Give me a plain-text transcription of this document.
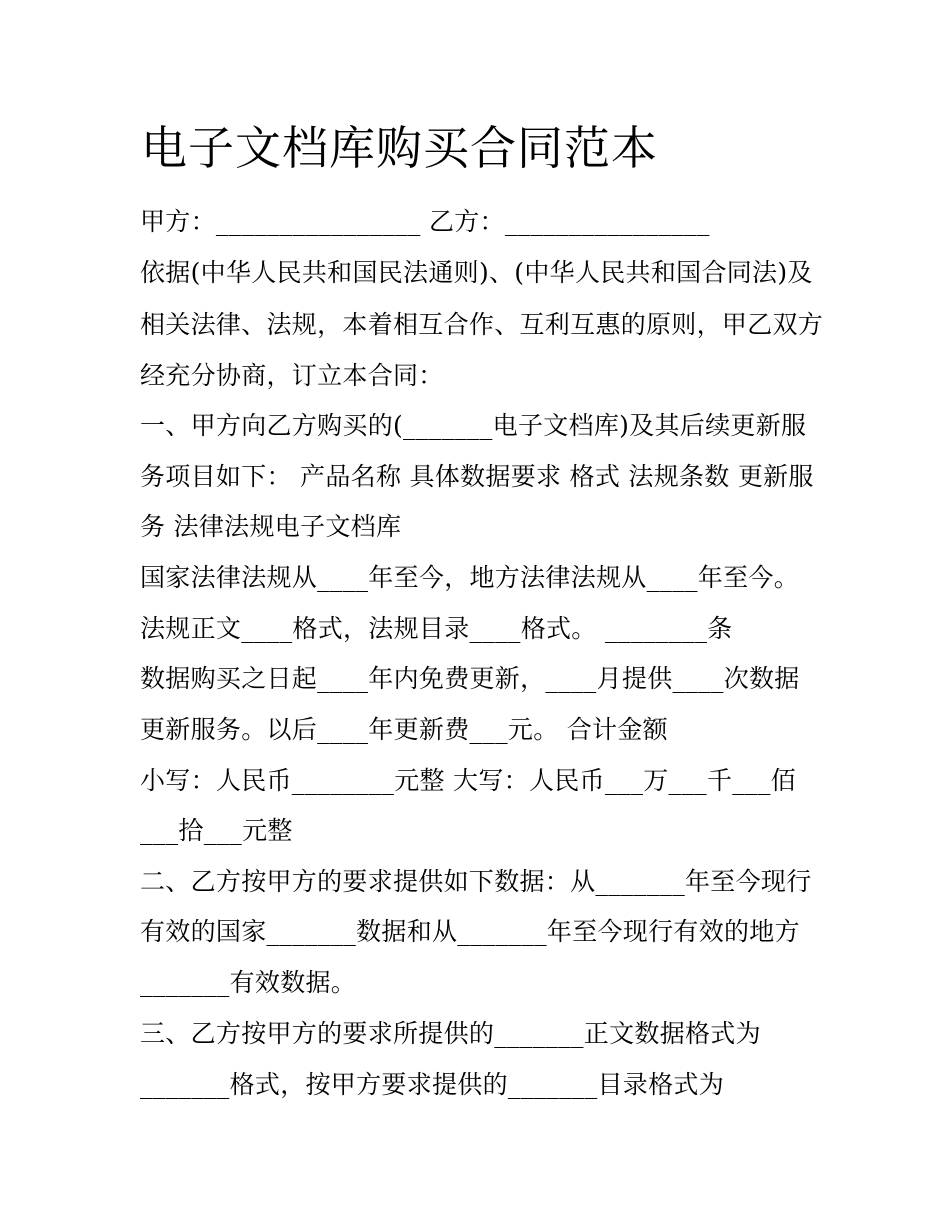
电子文档库购买合同范本
甲方：________________ 乙方：________________
依据(中华人民共和国民法通则)、(中华人民共和国合同法)及
相关法律、法规，本着相互合作、互利互惠的原则，甲乙双方
经充分协商，订立本合同：
一、甲方向乙方购买的(_______电子文档库)及其后续更新服
务项目如下： 产品名称 具体数据要求 格式 法规条数 更新服
务 法律法规电子文档库
国家法律法规从____年至今，地方法律法规从____年至今。
法规正文____格式，法规目录____格式。 ________条
数据购买之日起____年内免费更新，____月提供____次数据
更新服务。以后____年更新费___元。 合计金额
小写：人民币________元整 大写：人民币___万___千___佰
___拾___元整
二、乙方按甲方的要求提供如下数据：从_______年至今现行
有效的国家_______数据和从_______年至今现行有效的地方
_______有效数据。
三、乙方按甲方的要求所提供的_______正文数据格式为
_______格式，按甲方要求提供的_______目录格式为
